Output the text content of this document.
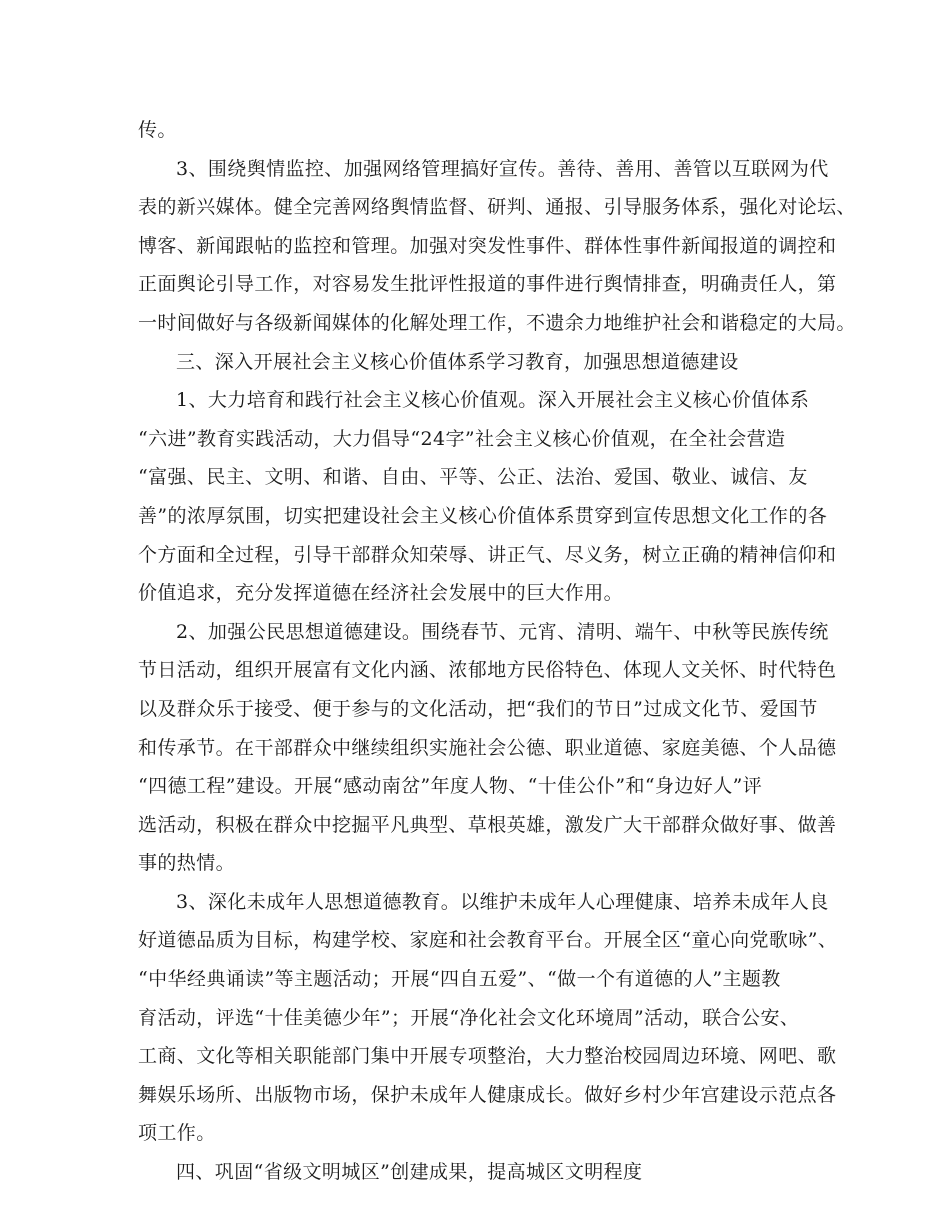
传。
3、围绕舆情监控、加强网络管理搞好宣传。善待、善用、善管以互联网为代
表的新兴媒体。健全完善网络舆情监督、研判、通报、引导服务体系，强化对论坛、
博客、新闻跟帖的监控和管理。加强对突发性事件、群体性事件新闻报道的调控和
正面舆论引导工作，对容易发生批评性报道的事件进行舆情排查，明确责任人，第
一时间做好与各级新闻媒体的化解处理工作，不遗余力地维护社会和谐稳定的大局。
三、深入开展社会主义核心价值体系学习教育，加强思想道德建设
1、大力培育和践行社会主义核心价值观。深入开展社会主义核心价值体系
“六进”教育实践活动，大力倡导“24字”社会主义核心价值观，在全社会营造
“富强、民主、文明、和谐、自由、平等、公正、法治、爱国、敬业、诚信、友
善”的浓厚氛围，切实把建设社会主义核心价值体系贯穿到宣传思想文化工作的各
个方面和全过程，引导干部群众知荣辱、讲正气、尽义务，树立正确的精神信仰和
价值追求，充分发挥道德在经济社会发展中的巨大作用。
2、加强公民思想道德建设。围绕春节、元宵、清明、端午、中秋等民族传统
节日活动，组织开展富有文化内涵、浓郁地方民俗特色、体现人文关怀、时代特色
以及群众乐于接受、便于参与的文化活动，把“我们的节日”过成文化节、爱国节
和传承节。在干部群众中继续组织实施社会公德、职业道德、家庭美德、个人品德
“四德工程”建设。开展“感动南岔”年度人物、“十佳公仆”和“身边好人”评
选活动，积极在群众中挖掘平凡典型、草根英雄，激发广大干部群众做好事、做善
事的热情。
3、深化未成年人思想道德教育。以维护未成年人心理健康、培养未成年人良
好道德品质为目标，构建学校、家庭和社会教育平台。开展全区“童心向党歌咏”、
“中华经典诵读”等主题活动；开展“四自五爱”、“做一个有道德的人”主题教
育活动，评选“十佳美德少年”；开展“净化社会文化环境周”活动，联合公安、
工商、文化等相关职能部门集中开展专项整治，大力整治校园周边环境、网吧、歌
舞娱乐场所、出版物市场，保护未成年人健康成长。做好乡村少年宫建设示范点各
项工作。
四、巩固“省级文明城区”创建成果，提高城区文明程度
